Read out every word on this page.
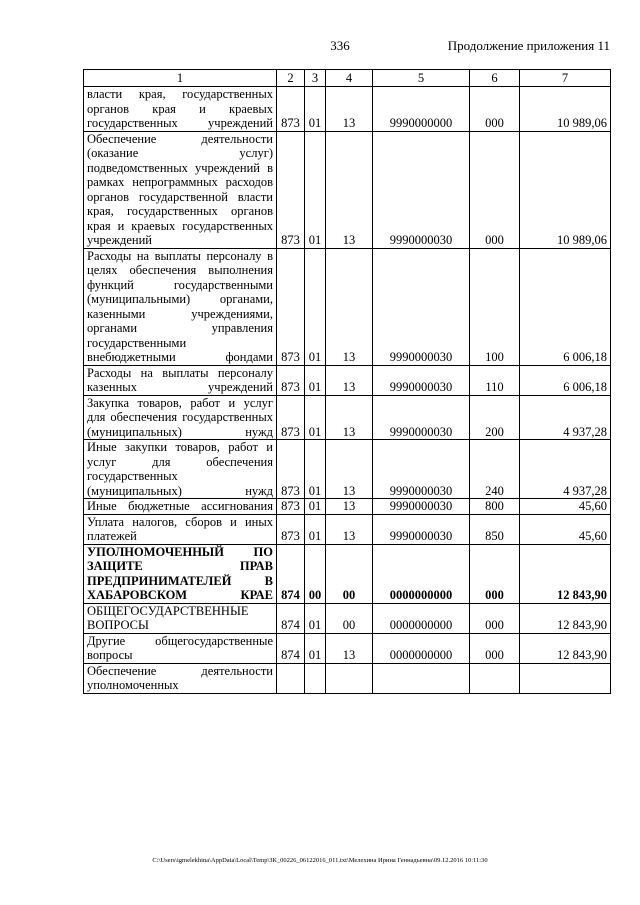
336	Продолжение приложения 11
1	2	3	4	5	6	7
власти края, государственных органов края и краевых государственных учреждений	873	01	13	9990000000	000	10 989,06
Обеспечение деятельности (оказание услуг) подведомственных учреждений в рамках непрограммных расходов органов государственной власти края, государственных органов края и краевых государственных учреждений	873	01	13	9990000030	000	10 989,06
Расходы на выплаты персоналу в целях обеспечения выполнения функций государственными (муниципальными) органами, казенными учреждениями, органами управления государственными внебюджетными фондами	873	01	13	9990000030	100	6 006,18
Расходы на выплаты персоналу казенных учреждений	873	01	13	9990000030	110	6 006,18
Закупка товаров, работ и услуг для обеспечения государственных (муниципальных) нужд	873	01	13	9990000030	200	4 937,28
Иные закупки товаров, работ и услуг для обеспечения государственных (муниципальных) нужд	873	01	13	9990000030	240	4 937,28
Иные бюджетные ассигнования	873	01	13	9990000030	800	45,60
Уплата налогов, сборов и иных платежей	873	01	13	9990000030	850	45,60
УПОЛНОМОЧЕННЫЙ ПО ЗАЩИТЕ ПРАВ ПРЕДПРИНИМАТЕЛЕЙ В ХАБАРОВСКОМ КРАЕ	874	00	00	0000000000	000	12 843,90
ОБЩЕГОСУДАРСТВЕННЫЕ ВОПРОСЫ	874	01	00	0000000000	000	12 843,90
Другие общегосударственные вопросы	874	01	13	0000000000	000	12 843,90
Обеспечение деятельности уполномоченных						
C:\Users\igmelekhina\AppData\Local\Temp\ЗК_00226_06122016_011.txt\Мелехина Ирина Геннадьевна\09.12.2016 10:11:30
